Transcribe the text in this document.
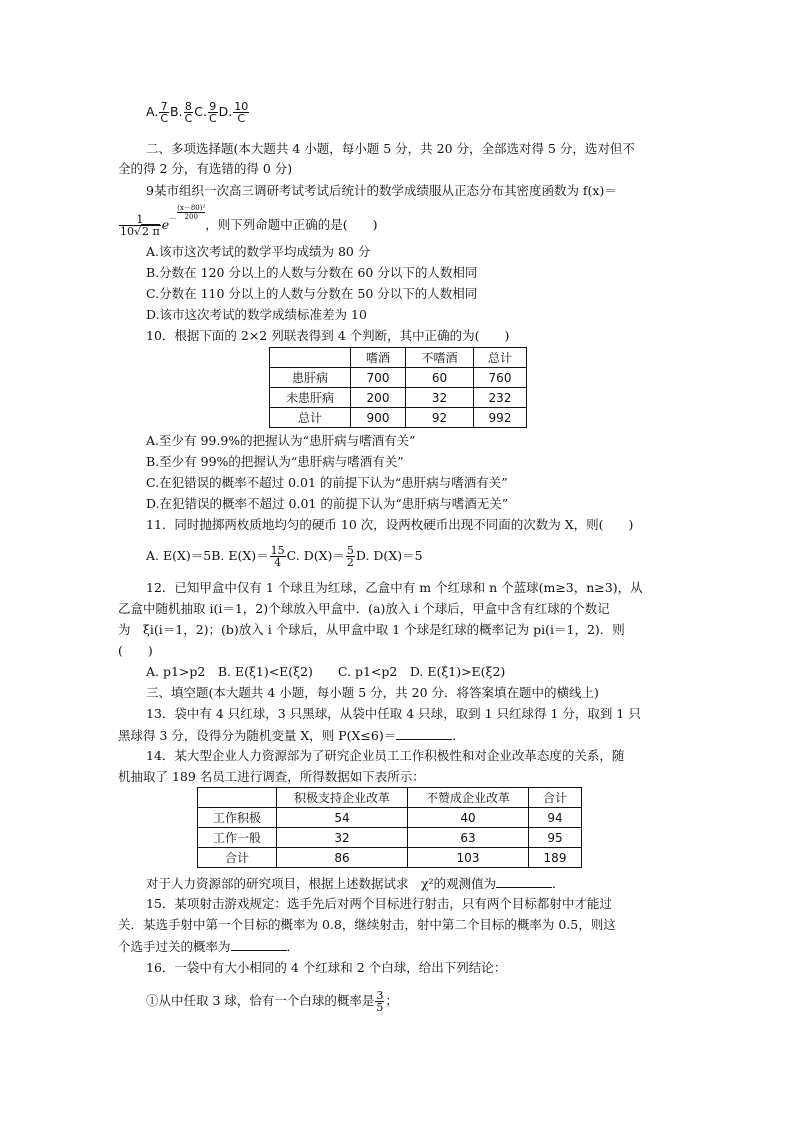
A. $\frac{7}{C} B$. $\frac{8}{C} C$. $\frac{9}{C} D$. $\frac{10}{C}$
二、多项选择题(本大题共 4 小题，每小题 5 分，共 20 分，全部选对得 5 分，选对但不
全的得 2 分，有选错的得 0 分)
9某市组织一次高三调研考试考试后统计的数学成绩服从正态分布其密度函数为 f(x)＝
$\frac{1}{10√2 \pi} e^- \frac{\text{(x－80)²}}{200}$，则下列命题中正确的是(　　)
A.该市这次考试的数学平均成绩为 80 分
B.分数在 120 分以上的人数与分数在 60 分以下的人数相同
C.分数在 110 分以上的人数与分数在 50 分以下的人数相同
D.该市这次考试的数学成绩标准差为 10
10．根据下面的 2×2 列联表得到 4 个判断，其中正确的为(　　)
	嗜酒	不嗜酒	总计
患肝病	700	60	760
未患肝病	200	32	232
总计	900	92	992
A.至少有 99.9%的把握认为“患肝病与嗜酒有关”
B.至少有 99%的把握认为“患肝病与嗜酒有关”
C.在犯错误的概率不超过 0.01 的前提下认为“患肝病与嗜酒有关”
D.在犯错误的概率不超过 0.01 的前提下认为“患肝病与嗜酒无关”
11．同时抛掷两枚质地均匀的硬币 10 次，设两枚硬币出现不同面的次数为 X，则(　　)
A. E(X)＝5B. $E(X)= \frac{15}{4} C$. $D(X)= \frac{5}{2} D$. D(X)＝5
12．已知甲盒中仅有 1 个球且为红球，乙盒中有 m 个红球和 n 个蓝球(m≥3，n≥3)，从
乙盒中随机抽取 i(i＝1，2)个球放入甲盒中．(a)放入 i 个球后，甲盒中含有红球的个数记
为　ξi(i＝1，2)；(b)放入 i 个球后，从甲盒中取 1 个球是红球的概率记为 pi(i＝1，2)．则
(　　)
A. p1>p2　B. E(ξ1)<E(ξ2)　　C. p1<p2　D. E(ξ1)>E(ξ2)
三、填空题(本大题共 4 小题，每小题 5 分，共 20 分．将答案填在题中的横线上)
13．袋中有 4 只红球，3 只黑球，从袋中任取 4 只球，取到 1 只红球得 1 分，取到 1 只
黑球得 3 分，设得分为随机变量 X，则 P(X≤6)＝	．
14．某大型企业人力资源部为了研究企业员工工作积极性和对企业改革态度的关系，随
机抽取了 189 名员工进行调查，所得数据如下表所示：
	积极支持企业改革	不赞成企业改革	合计
工作积极	54	40	94
工作一般	32	63	95
合计	86	103	189
对于人力资源部的研究项目，根据上述数据试求　χ²的观测值为	．
15．某项射击游戏规定：选手先后对两个目标进行射击，只有两个目标都射中才能过
关．某选手射中第一个目标的概率为 0.8，继续射击，射中第二个目标的概率为 0.5，则这
个选手过关的概率为	．
16．一袋中有大小相同的 4 个红球和 2 个白球，给出下列结论：
①从中任取 3 球，恰有一个白球的概率是 $\frac{3}{5}$ ；
